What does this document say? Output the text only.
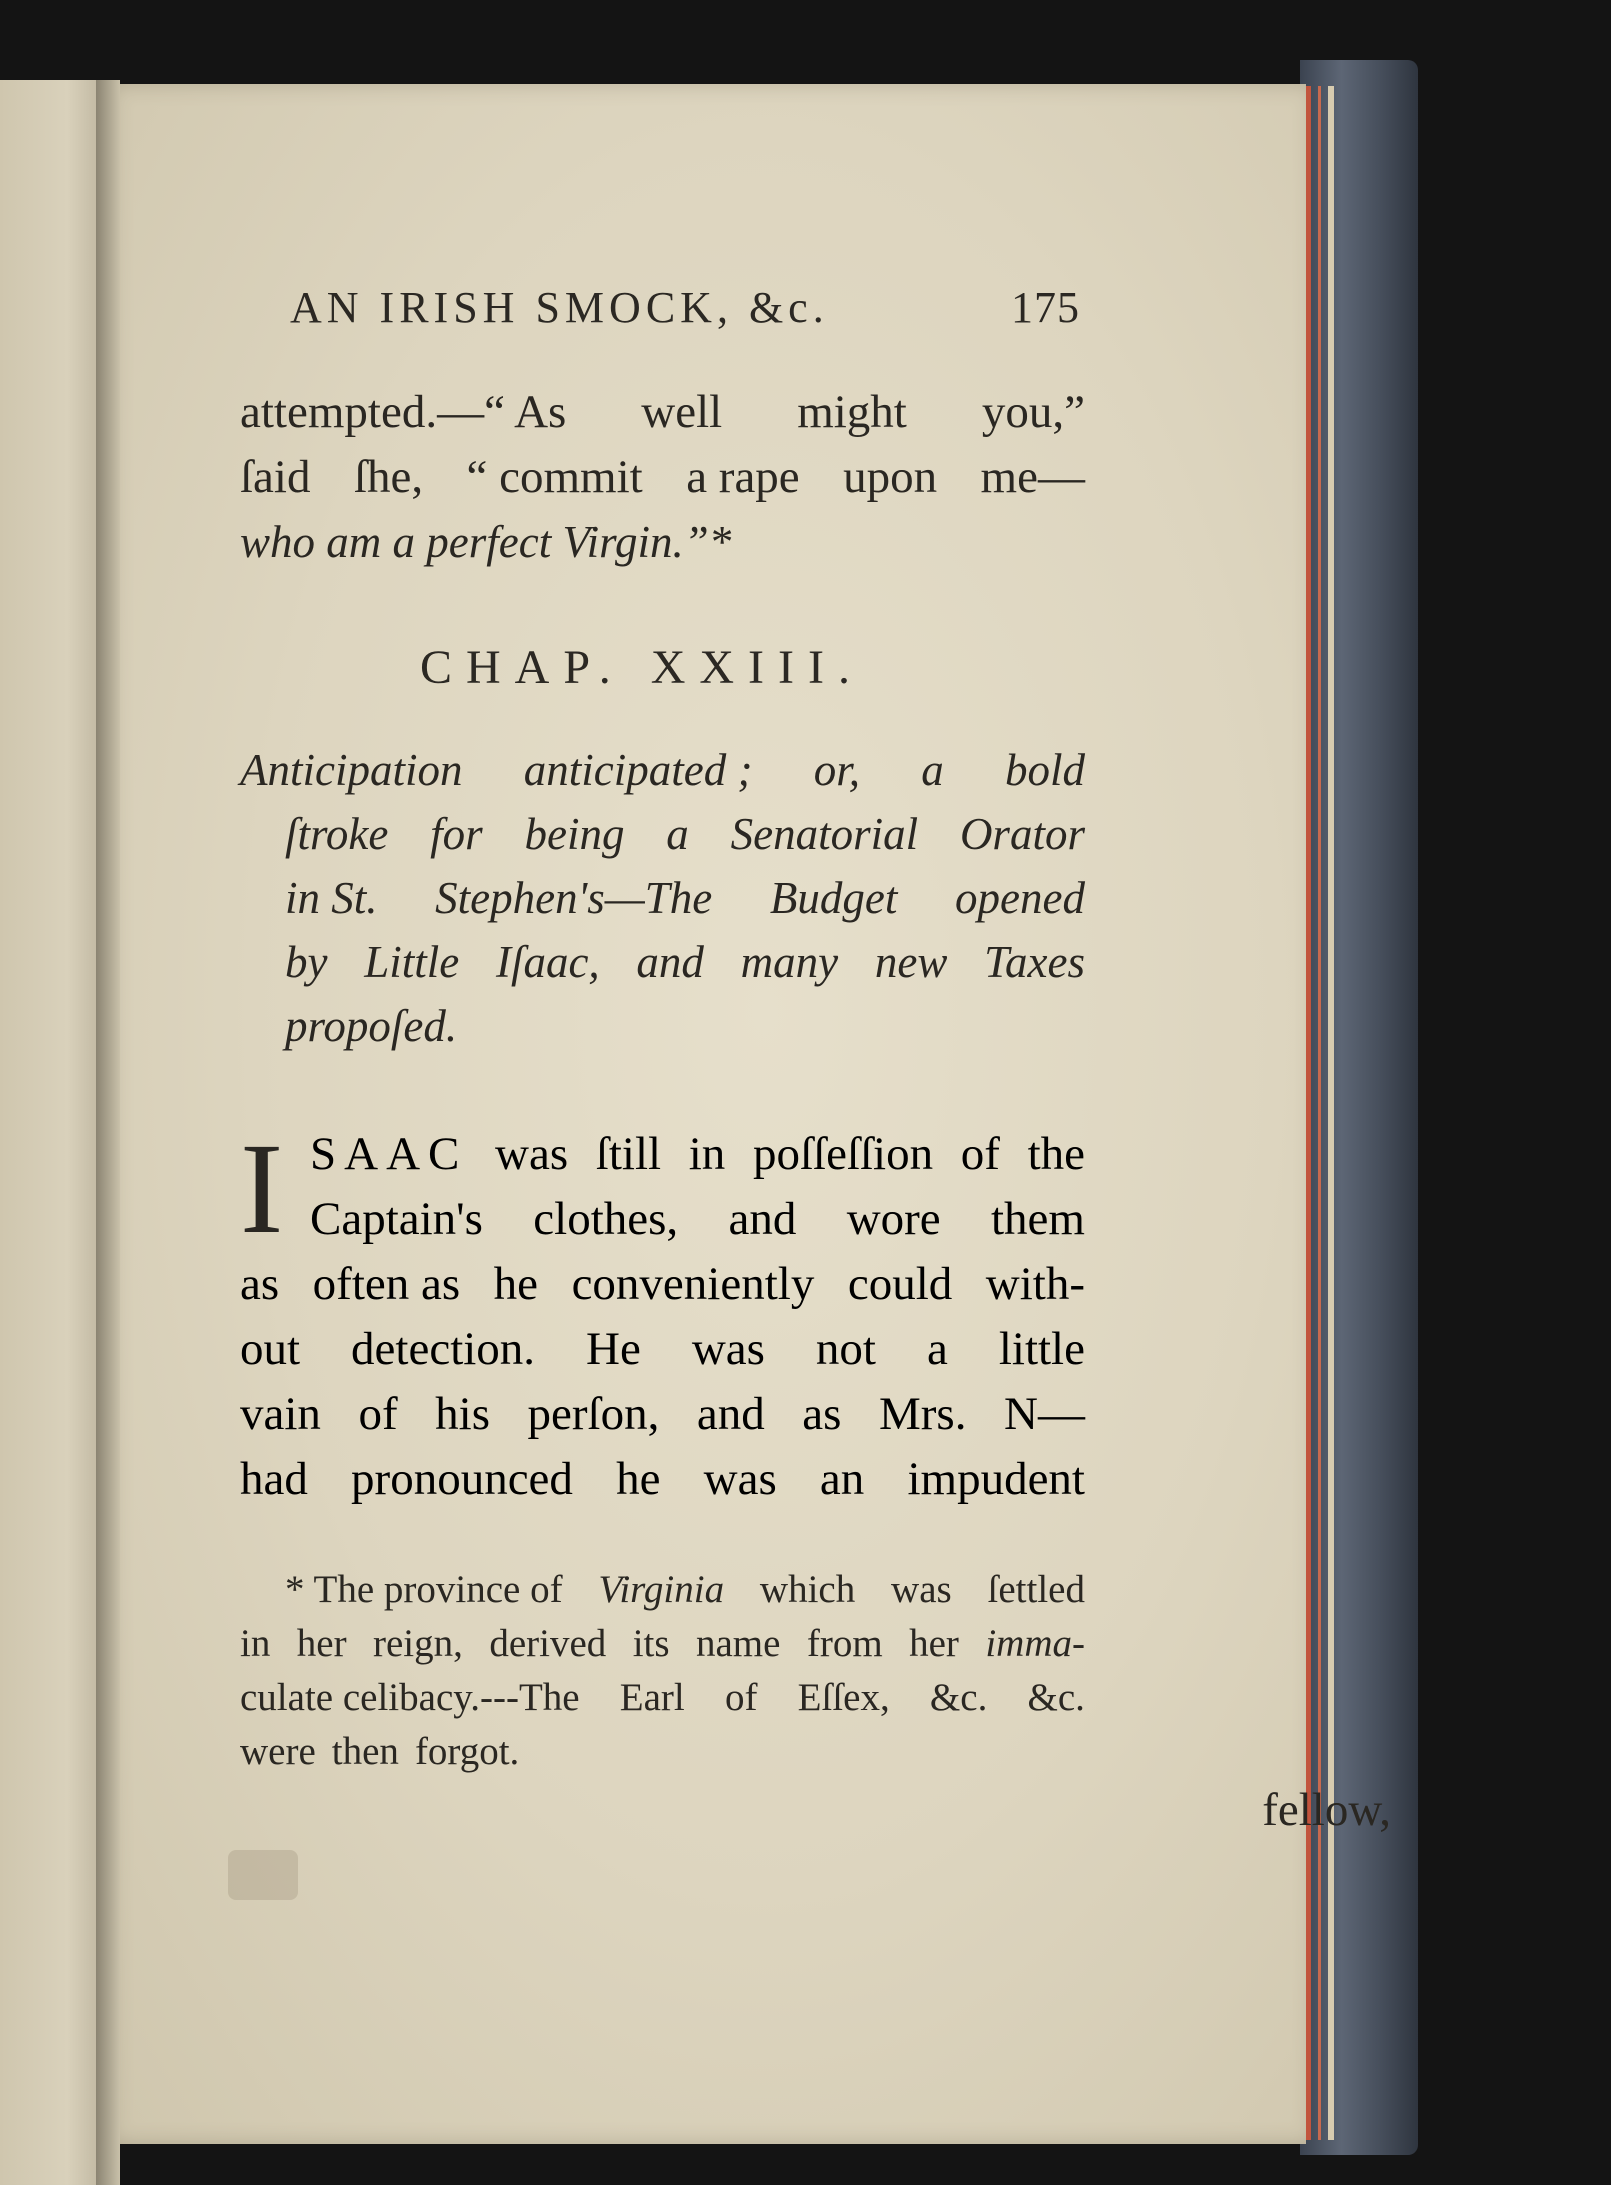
AN IRISH SMOCK, &c.	175
attempted.—“ As well might you,”
ſaid ſhe, “ commit a rape upon me—
who am a perfect Virgin.”*
CHAP. XXIII.
Anticipation anticipated ; or, a bold
ſtroke for being a Senatorial Orator
in St. Stephen's—The Budget opened
by Little Iſaac, and many new Taxes
propoſed.
I SAAC was ſtill in poſſeſſion of the
Captain's clothes, and wore them
as often as he conveniently could with-
out detection. He was not a little
vain of his perſon, and as Mrs. N—
had pronounced he was an impudent
* The province of Virginia which was ſettled
in her reign, derived its name from her imma-
culate celibacy.---The Earl of Eſſex, &c. &c.
were then forgot.
fellow,
